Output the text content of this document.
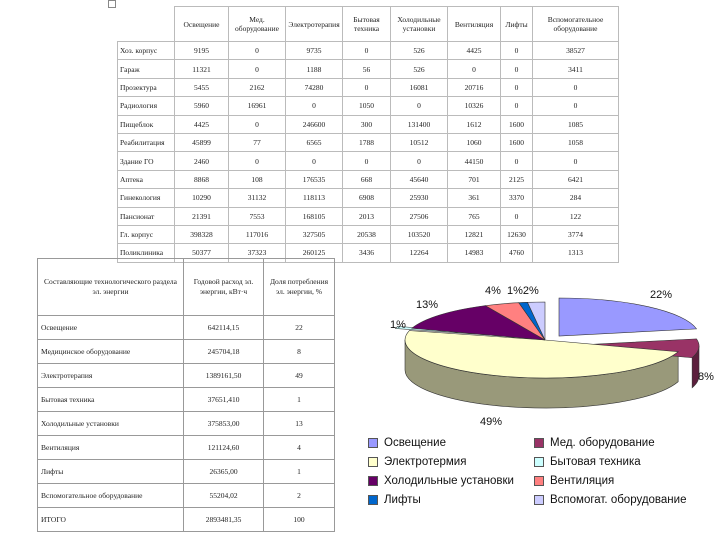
	Освещение	Мед. оборудование	Электротерапия	Бытовая техника	Холодильные установки	Вентиляция	Лифты	Вспомогательное оборудование
Хоз. корпус	9195	0	9735	0	526	4425	0	38527
Гараж	11321	0	1188	56	526	0	0	3411
Прозектура	5455	2162	74280	0	16081	20716	0	0
Радиология	5960	16961	0	1050	0	10326	0	0
Пищеблок	4425	0	246600	300	131400	1612	1600	1085
Реабилитация	45899	77	6565	1788	10512	1060	1600	1058
Здание ГО	2460	0	0	0	0	44150	0	0
Аптека	8868	108	176535	668	45640	701	2125	6421
Гинекология	10290	31132	118113	6908	25930	361	3370	284
Пансионат	21391	7553	168105	2013	27506	765	0	122
Гл. корпус	398328	117016	327505	20538	103520	12821	12630	3774
Поликлиника	50377	37323	260125	3436	12264	14983	4760	1313
Составляющие технологического раздела эл. энергии	Годовой расход эл. энергии, кВт·ч	Доля потребления эл. энергии, %
Освещение	642114,15	22
Медицинское оборудование	245704,18	8
Электротерапия	1389161,50	49
Бытовая техника	37651,410	1
Холодильные установки	375853,00	13
Вентиляция	121124,60	4
Лифты	26365,00	1
Вспомогательное оборудование	55204,02	2
ИТОГО	2893481,35	100
22%
8%
49%
1%
13%
4% 1%2%
Освещение	Мед. оборудование
Электротермия	Бытовая техника
Холодильные установки	Вентиляция
Лифты	Вспомогат. оборудование
